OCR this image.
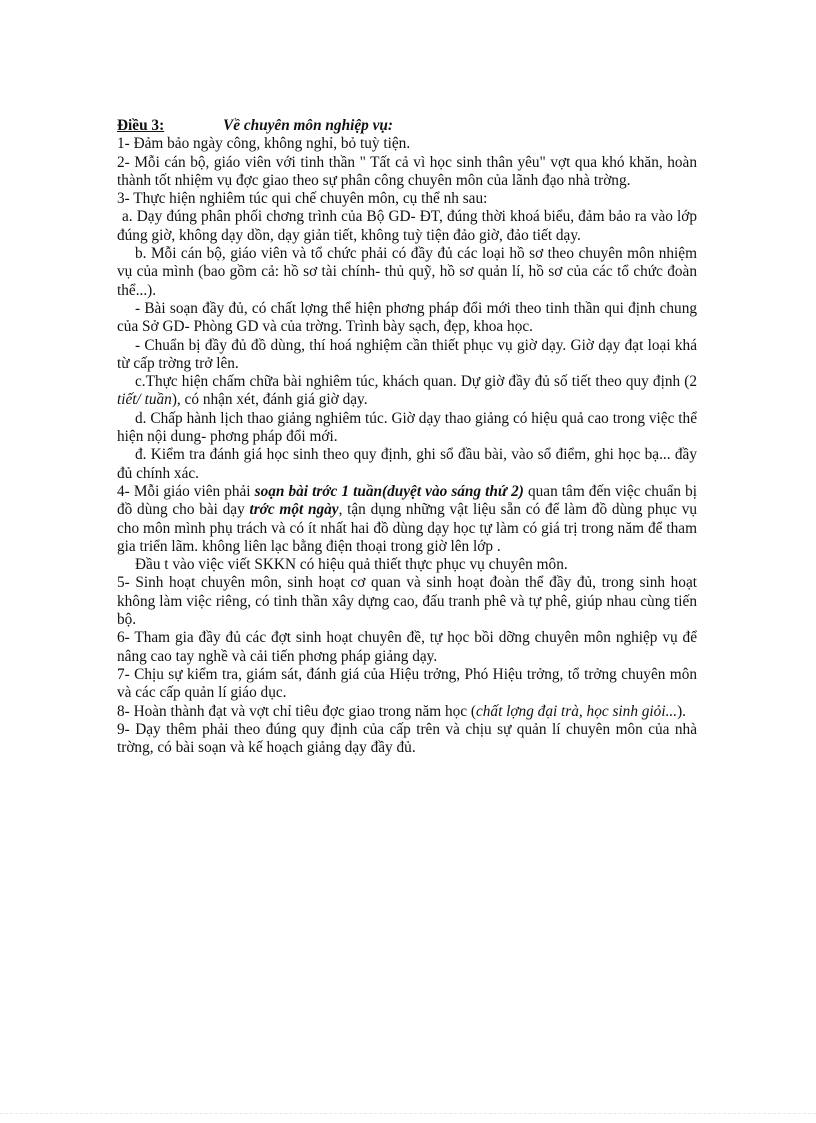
Điều 3:	Về chuyên môn nghiệp vụ:

1- Đảm bảo ngày công, không nghỉ, bỏ tuỳ tiện.

2- Mỗi cán bộ, giáo viên với tinh thần " Tất cả vì học sinh thân yêu" vợt qua khó khăn, hoàn thành tốt nhiệm vụ đợc giao theo sự phân công chuyên môn của lãnh đạo nhà trờng.

3- Thực hiện nghiêm túc qui chế chuyên môn, cụ thể nh sau:

a. Dạy đúng phân phối chơng trình của Bộ GD- ĐT, đúng thời khoá biểu, đảm bảo ra vào lớp đúng giờ, không dạy dồn, dạy giản tiết, không tuỳ tiện đảo giờ, đảo tiết dạy.

b. Mỗi cán bộ, giáo viên và tổ chức phải có đầy đủ các loại hồ sơ theo chuyên môn nhiệm vụ của mình (bao gồm cả: hồ sơ tài chính- thủ quỹ, hồ sơ quản lí, hồ sơ của các tổ chức đoàn thể...).

- Bài soạn đầy đủ, có chất lợng thể hiện phơng pháp đổi mới theo tinh thần qui định chung của Sở GD- Phòng GD và của trờng. Trình bày sạch, đẹp, khoa học.

- Chuẩn bị đầy đủ đồ dùng, thí hoá nghiệm cần thiết phục vụ giờ dạy. Giờ dạy đạt loại khá từ cấp trờng trở lên.

c.Thực hiện chấm chữa bài nghiêm túc, khách quan. Dự giờ đầy đủ số tiết theo quy định (2 tiết/ tuần), có nhận xét, đánh giá giờ dạy.

d. Chấp hành lịch thao giảng nghiêm túc. Giờ dạy thao giảng có hiệu quả cao trong việc thể hiện nội dung- phơng pháp đổi mới.

đ. Kiểm tra đánh giá học sinh theo quy định, ghi sổ đầu bài, vào sổ điểm, ghi học bạ... đầy đủ chính xác.

4- Mỗi giáo viên phải soạn bài trớc 1 tuần(duyệt vào sáng thứ 2) quan tâm đến việc chuẩn bị đồ dùng cho bài dạy trớc một ngày, tận dụng những vật liệu sẵn có để làm đồ dùng phục vụ cho môn mình phụ trách và có ít nhất hai đồ dùng dạy học tự làm có giá trị trong năm để tham gia triển lãm. không liên lạc bằng điện thoại trong giờ lên lớp .

Đầu t vào việc viết SKKN có hiệu quả thiết thực phục vụ chuyên môn.

5- Sinh hoạt chuyên môn, sinh hoạt cơ quan và sinh hoạt đoàn thể đầy đủ, trong sinh hoạt không làm việc riêng, có tinh thần xây dựng cao, đấu tranh phê và tự phê, giúp nhau cùng tiến bộ.

6- Tham gia đầy đủ các đợt sinh hoạt chuyên đề, tự học bồi dỡng chuyên môn nghiệp vụ để nâng cao tay nghề và cải tiến phơng pháp giảng dạy.

7- Chịu sự kiểm tra, giám sát, đánh giá của Hiệu trởng, Phó Hiệu trởng, tổ trởng chuyên môn và các cấp quản lí giáo dục.

8- Hoàn thành đạt và vợt chỉ tiêu đợc giao trong năm học (chất lợng đại trà, học sinh giỏi...).

9- Dạy thêm phải theo đúng quy định của cấp trên và chịu sự quản lí chuyên môn của nhà trờng, có bài soạn và kế hoạch giảng dạy đầy đủ.
